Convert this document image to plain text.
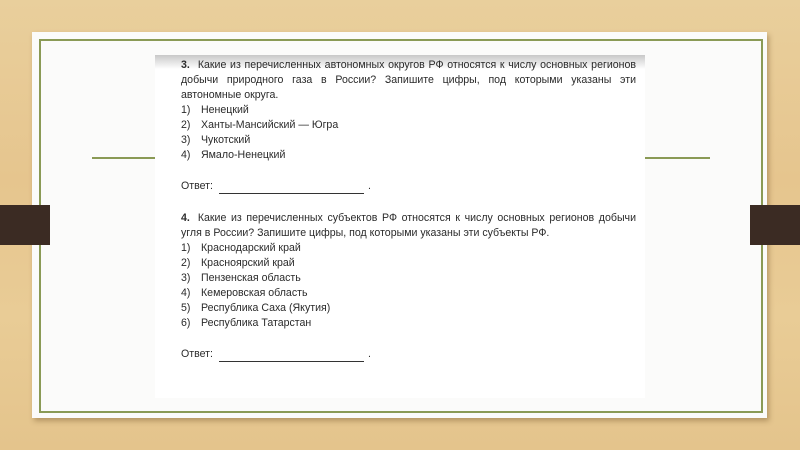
3. Какие из перечисленных автономных округов РФ относятся к числу основных регионов добычи природного газа в России? Запишите цифры, под которыми указаны эти автономные округа.
1) Ненецкий
2) Ханты-Мансийский — Югра
3) Чукотский
4) Ямало-Ненецкий
Ответ:	.
4. Какие из перечисленных субъектов РФ относятся к числу основных регионов добычи угля в России? Запишите цифры, под которыми указаны эти субъекты РФ.
1) Краснодарский край
2) Красноярский край
3) Пензенская область
4) Кемеровская область
5) Республика Саха (Якутия)
6) Республика Татарстан
Ответ:	.
